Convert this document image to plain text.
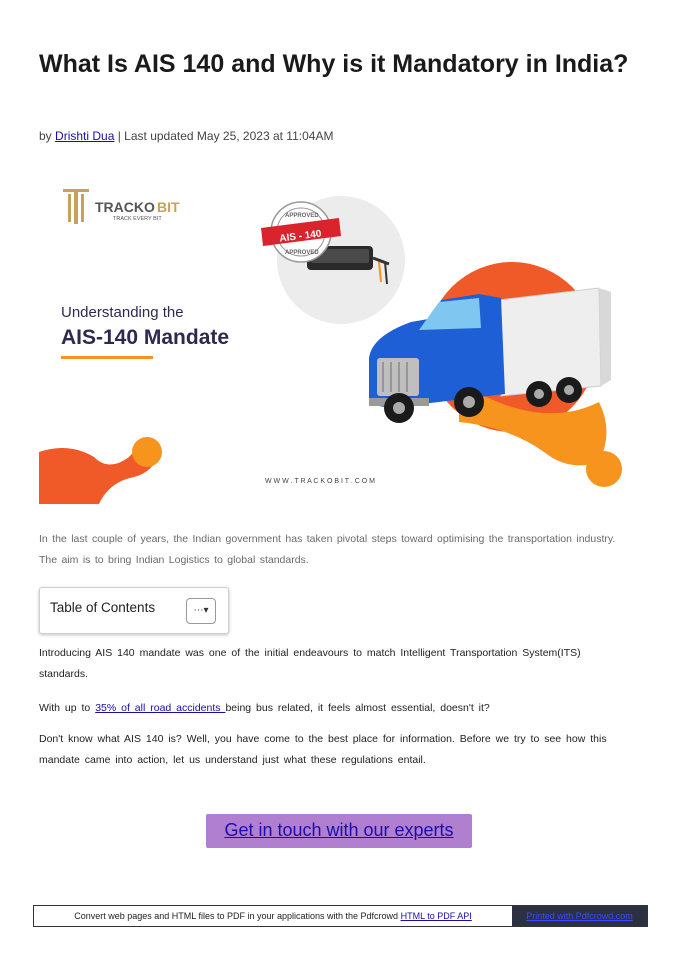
What Is AIS 140 and Why is it Mandatory in India?
by Drishti Dua | Last updated May 25, 2023 at 11:04AM
TRACKO BIT
TRACK EVERY BIT
Understanding the
AIS-140 Mandate
APPROVED
APPROVED
AIS - 140
W W W . T R A C K O B I T . C O M

In the last couple of years, the Indian government has taken pivotal steps toward optimising the transportation industry. The aim is to bring Indian Logistics to global standards.

Table of Contents	⋯▾

Introducing AIS 140 mandate was one of the initial endeavours to match Intelligent Transportation System(ITS) standards.

With up to 35% of all road accidents being bus related, it feels almost essential, doesn't it?

Don't know what AIS 140 is? Well, you have come to the best place for information. Before we try to see how this mandate came into action, let us understand just what these regulations entail.

Get in touch with our experts
Convert web pages and HTML files to PDF in your applications with the Pdfcrowd HTML to PDF API	Printed with Pdfcrowd.com
